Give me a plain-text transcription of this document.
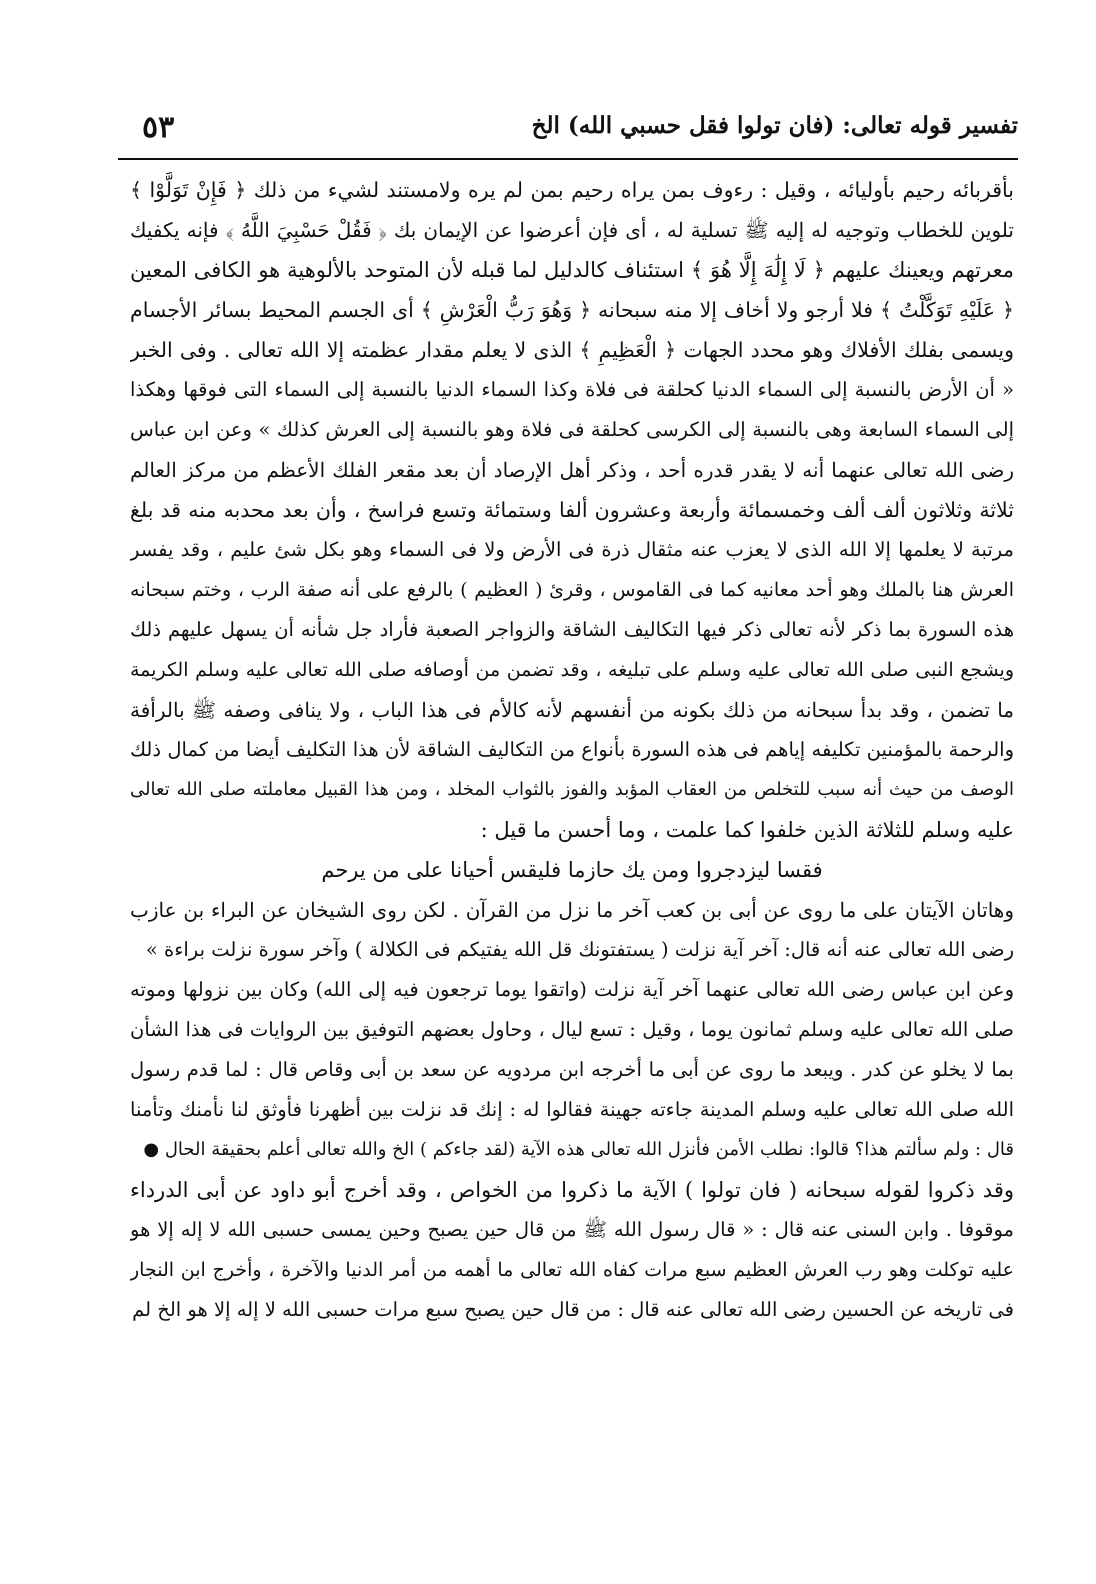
تفسير قوله تعالى: (فان تولوا فقل حسبي الله) الخ
٥٣
بأقربائه رحيم بأوليائه ، وقيل : رءوف بمن يراه رحيم بمن لم يره ولامستند لشيء من ذلك ﴿ فَإِنْ تَوَلَّوْا ﴾
تلوين للخطاب وتوجيه له إليه ﷺ تسلية له ، أى فإن أعرضوا عن الإيمان بك ﴿ فَقُلْ حَسْبِيَ اللَّهُ ﴾ فإنه يكفيك
معرتهم ويعينك عليهم ﴿ لَا إِلَٰهَ إِلَّا هُوَ ﴾ استئناف كالدليل لما قبله لأن المتوحد بالألوهية هو الكافى المعين
﴿ عَلَيْهِ تَوَكَّلْتُ ﴾ فلا أرجو ولا أخاف إلا منه سبحانه ﴿ وَهُوَ رَبُّ الْعَرْشِ ﴾ أى الجسم المحيط بسائر الأجسام
ويسمى بفلك الأفلاك وهو محدد الجهات ﴿ الْعَظِيمِ ﴾ الذى لا يعلم مقدار عظمته إلا الله تعالى . وفى الخبر
« أن الأرض بالنسبة إلى السماء الدنيا كحلقة فى فلاة وكذا السماء الدنيا بالنسبة إلى السماء التى فوقها وهكذا
إلى السماء السابعة وهى بالنسبة إلى الكرسى كحلقة فى فلاة وهو بالنسبة إلى العرش كذلك » وعن ابن عباس
رضى الله تعالى عنهما أنه لا يقدر قدره أحد ، وذكر أهل الإرصاد أن بعد مقعر الفلك الأعظم من مركز العالم
ثلاثة وثلاثون ألف ألف وخمسمائة وأربعة وعشرون ألفا وستمائة وتسع فراسخ ، وأن بعد محدبه منه قد بلغ
مرتبة لا يعلمها إلا الله الذى لا يعزب عنه مثقال ذرة فى الأرض ولا فى السماء وهو بكل شئ عليم ، وقد يفسر
العرش هنا بالملك وهو أحد معانيه كما فى القاموس ، وقرئ ( العظيم ) بالرفع على أنه صفة الرب ، وختم سبحانه
هذه السورة بما ذكر لأنه تعالى ذكر فيها التكاليف الشاقة والزواجر الصعبة فأراد جل شأنه أن يسهل عليهم ذلك
ويشجع النبى صلى الله تعالى عليه وسلم على تبليغه ، وقد تضمن من أوصافه صلى الله تعالى عليه وسلم الكريمة
ما تضمن ، وقد بدأ سبحانه من ذلك بكونه من أنفسهم لأنه كالأم فى هذا الباب ، ولا ينافى وصفه ﷺ بالرأفة
والرحمة بالمؤمنين تكليفه إياهم فى هذه السورة بأنواع من التكاليف الشاقة لأن هذا التكليف أيضا من كمال ذلك
الوصف من حيث أنه سبب للتخلص من العقاب المؤبد والفوز بالثواب المخلد ، ومن هذا القبيل معاملته صلى الله تعالى
عليه وسلم للثلاثة الذين خلفوا كما علمت ، وما أحسن ما قيل :
فقسا ليزدجروا ومن يك حازما فليقس أحيانا على من يرحم
وهاتان الآيتان على ما روى عن أبى بن كعب آخر ما نزل من القرآن . لكن روى الشيخان عن البراء بن عازب
رضى الله تعالى عنه أنه قال: آخر آية نزلت ( يستفتونك قل الله يفتيكم فى الكلالة ) وآخر سورة نزلت براءة »
وعن ابن عباس رضى الله تعالى عنهما آخر آية نزلت (واتقوا يوما ترجعون فيه إلى الله) وكان بين نزولها وموته
صلى الله تعالى عليه وسلم ثمانون يوما ، وقيل : تسع ليال ، وحاول بعضهم التوفيق بين الروايات فى هذا الشأن
بما لا يخلو عن كدر . ويبعد ما روى عن أبى ما أخرجه ابن مردويه عن سعد بن أبى وقاص قال : لما قدم رسول
الله صلى الله تعالى عليه وسلم المدينة جاءته جهينة فقالوا له : إنك قد نزلت بين أظهرنا فأوثق لنا نأمنك وتأمنا
قال : ولم سألتم هذا؟ قالوا: نطلب الأمن فأنزل الله تعالى هذه الآية (لقد جاءكم ) الخ والله تعالى أعلم بحقيقة الحال ●
وقد ذكروا لقوله سبحانه ( فان تولوا ) الآية ما ذكروا من الخواص ، وقد أخرج أبو داود عن أبى الدرداء
موقوفا . وابن السنى عنه قال : « قال رسول الله ﷺ من قال حين يصبح وحين يمسى حسبى الله لا إله إلا هو
عليه توكلت وهو رب العرش العظيم سبع مرات كفاه الله تعالى ما أهمه من أمر الدنيا والآخرة ، وأخرج ابن النجار
فى تاريخه عن الحسين رضى الله تعالى عنه قال : من قال حين يصبح سبع مرات حسبى الله لا إله إلا هو الخ لم
